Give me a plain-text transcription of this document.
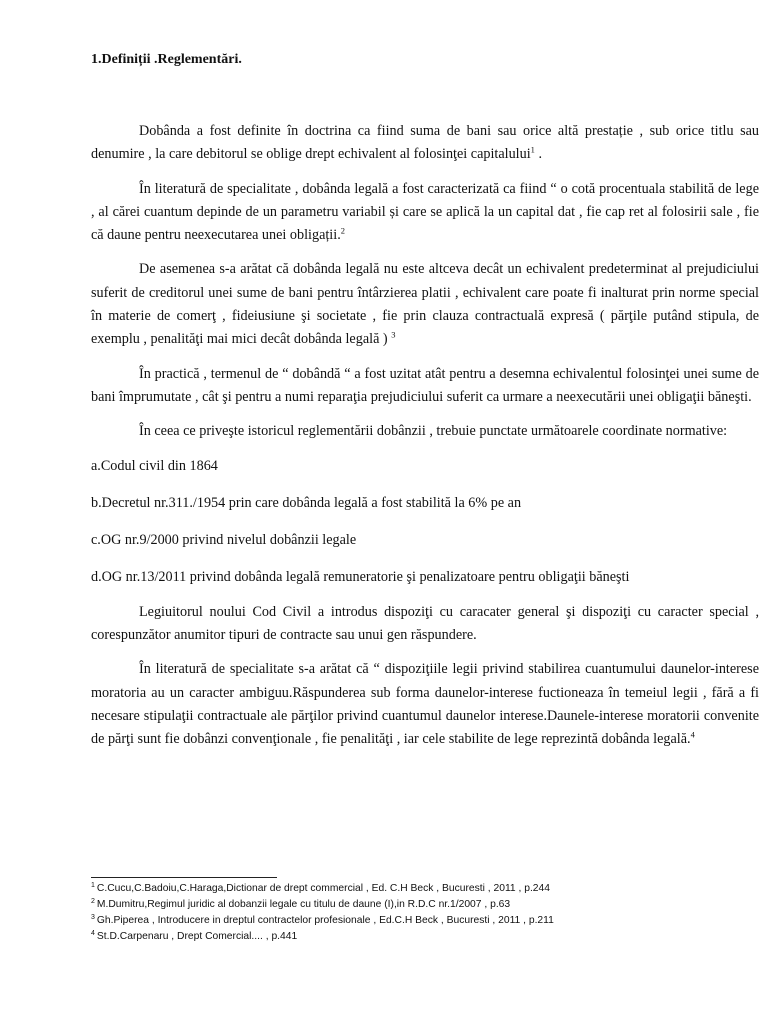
1.Definiții .Reglementări.

Dobânda a fost definite în doctrina ca fiind suma de bani sau orice altă prestație , sub orice titlu sau denumire , la care debitorul se oblige drept echivalent al folosinţei capitalului$^1$ .

În literatură de specialitate , dobânda legală a fost caracterizată ca fiind “ o cotă procentuala stabilită de lege , al cărei cuantum depinde de un parametru variabil și care se aplică la un capital dat , fie cap ret al folosirii sale , fie că daune pentru neexecutarea unei obligații.$^2$

De asemenea s-a arătat că dobânda legală nu este altceva decât un echivalent predeterminat al prejudiciului suferit de creditorul unei sume de bani pentru întârzierea platii , echivalent care poate fi inalturat prin norme special în materie de comerţ , fideiusiune şi societate , fie prin clauza contractuală expresă ( părţile putând stipula, de exemplu , penalităţi mai mici decât dobânda legală ) $^3$

În practică , termenul de “ dobândă “ a fost uzitat atât pentru a desemna echivalentul folosinţei unei sume de bani împrumutate , cât şi pentru a numi reparaţia prejudiciului suferit ca urmare a neexecutării unei obligaţii băneşti.

În ceea ce priveşte istoricul reglementării dobânzii , trebuie punctate următoarele coordinate normative:

a.Codul civil din 1864
b.Decretul nr.311./1954 prin care dobânda legală a fost stabilită la 6% pe an
c.OG nr.9/2000 privind nivelul dobânzii legale
d.OG nr.13/2011 privind dobânda legală remuneratorie şi penalizatoare pentru obligaţii băneşti

Legiuitorul noului Cod Civil a introdus dispoziţi cu caracater general şi dispoziţi cu caracter special , corespunzător anumitor tipuri de contracte sau unui gen răspundere.

În literatură de specialitate s-a arătat că “ dispoziţiile legii privind stabilirea cuantumului daunelor-interese moratoria au un caracter ambiguu.Răspunderea sub forma daunelor-interese fuctioneaza în temeiul legii , fără a fi necesare stipulaţii contractuale ale părţilor privind cuantumul daunelor interese.Daunele-interese moratorii convenite de părţi sunt fie dobânzi convenţionale , fie penalităţi , iar cele stabilite de lege reprezintă dobânda legală.$^4$

$^1$ C.Cucu,C.Badoiu,C.Haraga,Dictionar de drept commercial , Ed. C.H Beck , Bucuresti , 2011 , p.244
$^2$ M.Dumitru,Regimul juridic al dobanzii legale cu titulu de daune (I),in R.D.C nr.1/2007 , p.63
$^3$ Gh.Piperea , Introducere in dreptul contractelor profesionale , Ed.C.H Beck , Bucuresti , 2011 , p.211
$^4$ St.D.Carpenaru , Drept Comercial.... , p.441
